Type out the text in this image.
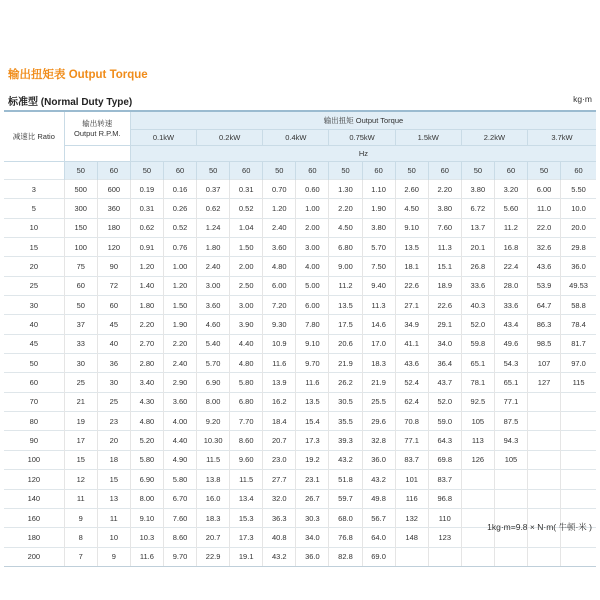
输出扭矩表 Output Torque
标准型 (Normal Duty Type)	kg·m
减速比 Ratio	输出转速
Output R.P.M.		输出扭矩 Output Torque													
			0.1kW		0.2kW		0.4kW		0.75kW		1.5kW		2.2kW		3.7kW	
			Hz													
	50	60	50	60	50	60	50	60	50	60	50	60	50	60	50	60
3	500	600	0.19	0.16	0.37	0.31	0.70	0.60	1.30	1.10	2.60	2.20	3.80	3.20	6.00	5.50
5	300	360	0.31	0.26	0.62	0.52	1.20	1.00	2.20	1.90	4.50	3.80	6.72	5.60	11.0	10.0
10	150	180	0.62	0.52	1.24	1.04	2.40	2.00	4.50	3.80	9.10	7.60	13.7	11.2	22.0	20.0
15	100	120	0.91	0.76	1.80	1.50	3.60	3.00	6.80	5.70	13.5	11.3	20.1	16.8	32.6	29.8
20	75	90	1.20	1.00	2.40	2.00	4.80	4.00	9.00	7.50	18.1	15.1	26.8	22.4	43.6	36.0
25	60	72	1.40	1.20	3.00	2.50	6.00	5.00	11.2	9.40	22.6	18.9	33.6	28.0	53.9	49.53
30	50	60	1.80	1.50	3.60	3.00	7.20	6.00	13.5	11.3	27.1	22.6	40.3	33.6	64.7	58.8
40	37	45	2.20	1.90	4.60	3.90	9.30	7.80	17.5	14.6	34.9	29.1	52.0	43.4	86.3	78.4
45	33	40	2.70	2.20	5.40	4.40	10.9	9.10	20.6	17.0	41.1	34.0	59.8	49.6	98.5	81.7
50	30	36	2.80	2.40	5.70	4.80	11.6	9.70	21.9	18.3	43.6	36.4	65.1	54.3	107	97.0
60	25	30	3.40	2.90	6.90	5.80	13.9	11.6	26.2	21.9	52.4	43.7	78.1	65.1	127	115
70	21	25	4.30	3.60	8.00	6.80	16.2	13.5	30.5	25.5	62.4	52.0	92.5	77.1		
80	19	23	4.80	4.00	9.20	7.70	18.4	15.4	35.5	29.6	70.8	59.0	105	87.5		
90	17	20	5.20	4.40	10.30	8.60	20.7	17.3	39.3	32.8	77.1	64.3	113	94.3		
100	15	18	5.80	4.90	11.5	9.60	23.0	19.2	43.2	36.0	83.7	69.8	126	105		
120	12	15	6.90	5.80	13.8	11.5	27.7	23.1	51.8	43.2	101	83.7				
140	11	13	8.00	6.70	16.0	13.4	32.0	26.7	59.7	49.8	116	96.8				
160	9	11	9.10	7.60	18.3	15.3	36.3	30.3	68.0	56.7	132	110				
180	8	10	10.3	8.60	20.7	17.3	40.8	34.0	76.8	64.0	148	123				
200	7	9	11.6	9.70	22.9	19.1	43.2	36.0	82.8	69.0						
1kg·m=9.8 × N·m( 牛顿·米 )
